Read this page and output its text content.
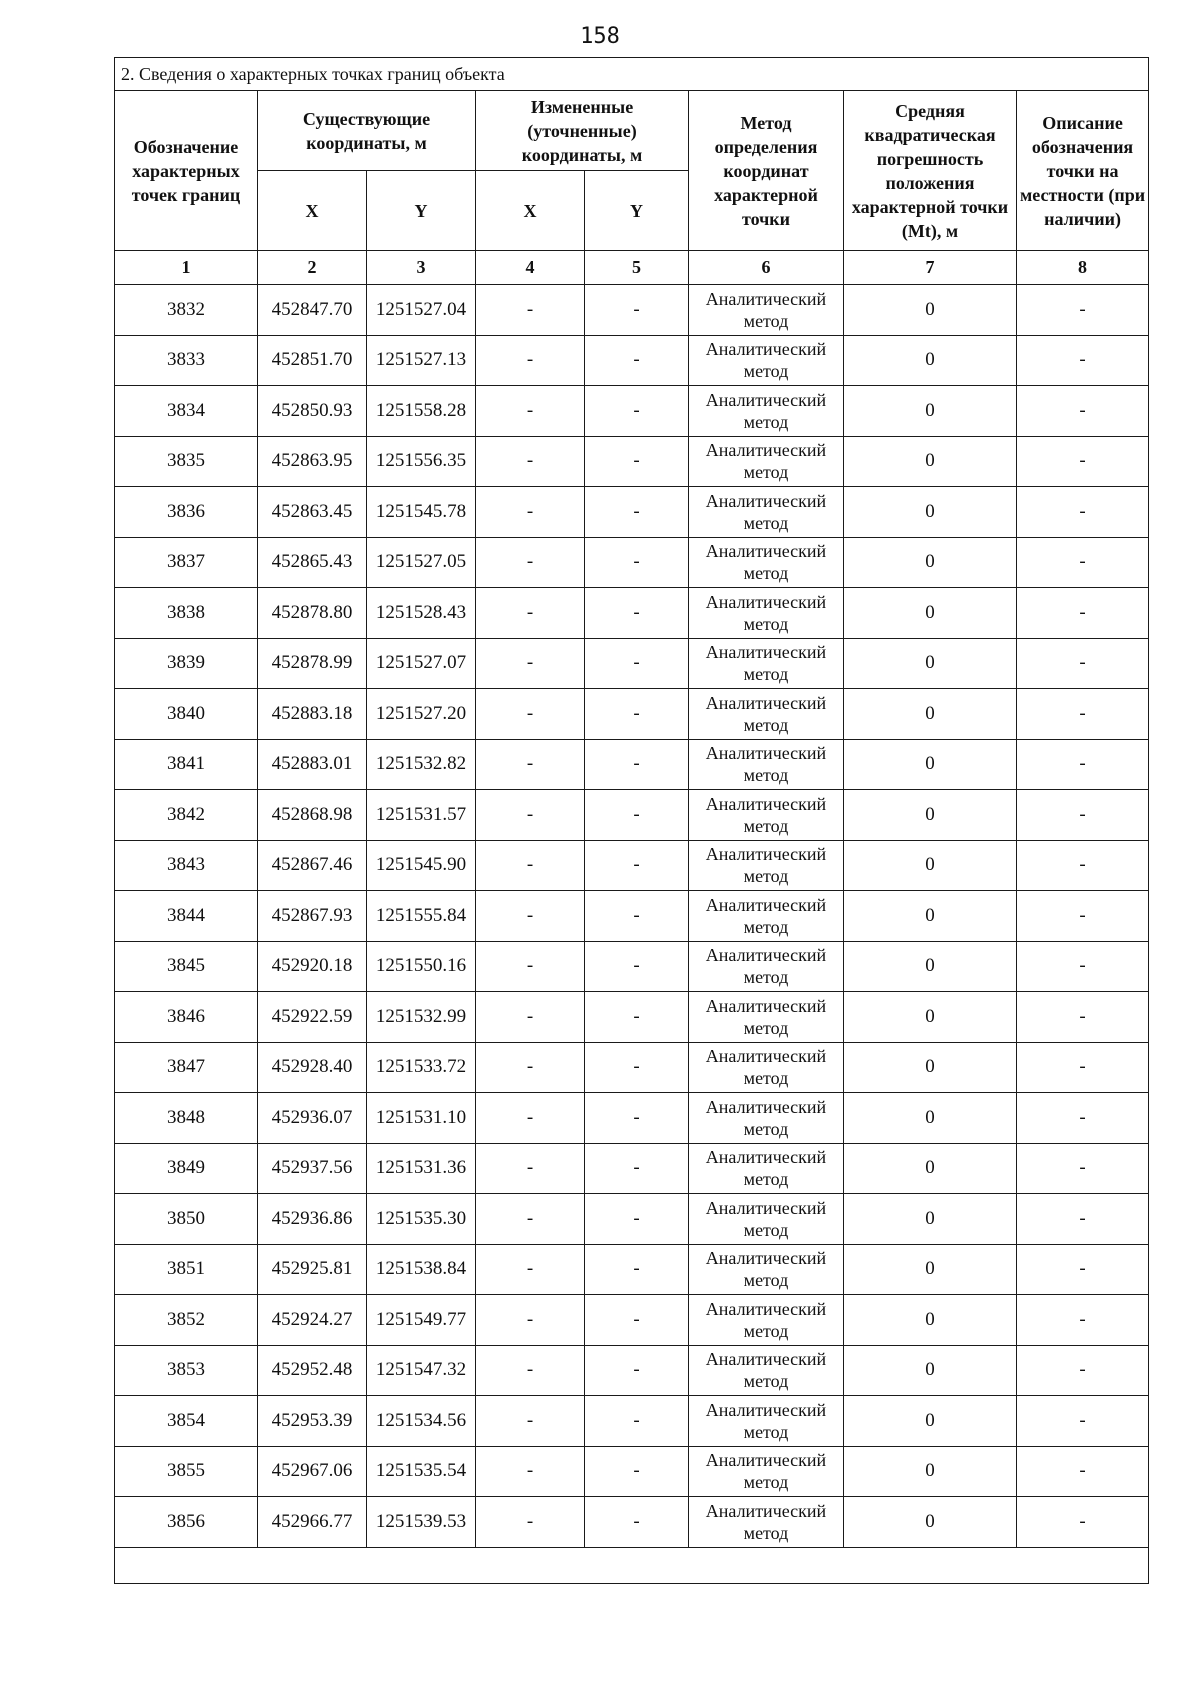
158
2. Сведения о характерных точках границ объекта							
Обозначение характерных точек границ	Существующие координаты, м		Измененные (уточненные) координаты, м		Метод определения координат характерной точки	Средняя квадратическая погрешность положения характерной точки (Mt), м	Описание обозначения точки на местности (при наличии)
	X	Y	X	Y			
1	2	3	4	5	6	7	8
3832	452847.70	1251527.04	-	-	Аналитический метод	0	-
3833	452851.70	1251527.13	-	-	Аналитический метод	0	-
3834	452850.93	1251558.28	-	-	Аналитический метод	0	-
3835	452863.95	1251556.35	-	-	Аналитический метод	0	-
3836	452863.45	1251545.78	-	-	Аналитический метод	0	-
3837	452865.43	1251527.05	-	-	Аналитический метод	0	-
3838	452878.80	1251528.43	-	-	Аналитический метод	0	-
3839	452878.99	1251527.07	-	-	Аналитический метод	0	-
3840	452883.18	1251527.20	-	-	Аналитический метод	0	-
3841	452883.01	1251532.82	-	-	Аналитический метод	0	-
3842	452868.98	1251531.57	-	-	Аналитический метод	0	-
3843	452867.46	1251545.90	-	-	Аналитический метод	0	-
3844	452867.93	1251555.84	-	-	Аналитический метод	0	-
3845	452920.18	1251550.16	-	-	Аналитический метод	0	-
3846	452922.59	1251532.99	-	-	Аналитический метод	0	-
3847	452928.40	1251533.72	-	-	Аналитический метод	0	-
3848	452936.07	1251531.10	-	-	Аналитический метод	0	-
3849	452937.56	1251531.36	-	-	Аналитический метод	0	-
3850	452936.86	1251535.30	-	-	Аналитический метод	0	-
3851	452925.81	1251538.84	-	-	Аналитический метод	0	-
3852	452924.27	1251549.77	-	-	Аналитический метод	0	-
3853	452952.48	1251547.32	-	-	Аналитический метод	0	-
3854	452953.39	1251534.56	-	-	Аналитический метод	0	-
3855	452967.06	1251535.54	-	-	Аналитический метод	0	-
3856	452966.77	1251539.53	-	-	Аналитический метод	0	-
